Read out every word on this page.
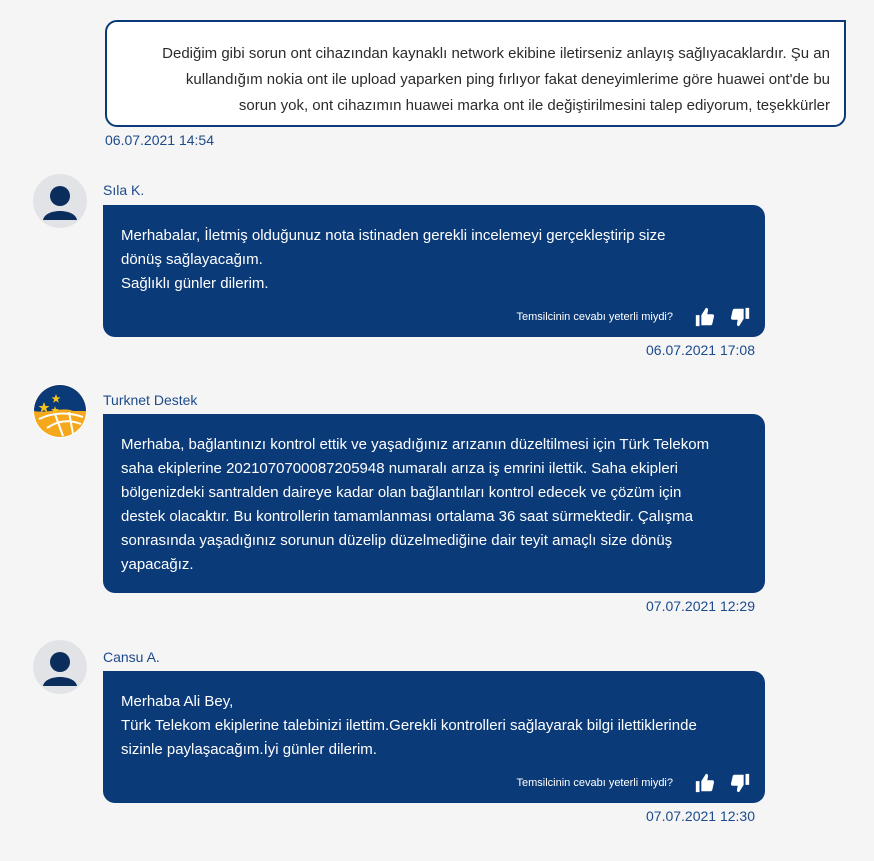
Dediğim gibi sorun ont cihazından kaynaklı network ekibine iletirseniz anlayış sağlıyacaklardır. Şu an

kullandığım nokia ont ile upload yaparken ping fırlıyor fakat deneyimlerime göre huawei ont'de bu

sorun yok, ont cihazımın huawei marka ont ile değiştirilmesini talep ediyorum, teşekkürler

06.07.2021 14:54
Sıla K.

Merhabalar, İletmiş olduğunuz nota istinaden gerekli incelemeyi gerçekleştirip size

dönüş sağlayacağım.

Sağlıklı günler dilerim.

Temsilcinin cevabı yeterli miydi?
06.07.2021 17:08
Turknet Destek

Merhaba, bağlantınızı kontrol ettik ve yaşadığınız arızanın düzeltilmesi için Türk Telekom

saha ekiplerine 2021070700087205948 numaralı arıza iş emrini ilettik. Saha ekipleri

bölgenizdeki santralden daireye kadar olan bağlantıları kontrol edecek ve çözüm için

destek olacaktır. Bu kontrollerin tamamlanması ortalama 36 saat sürmektedir. Çalışma

sonrasında yaşadığınız sorunun düzelip düzelmediğine dair teyit amaçlı size dönüş

yapacağız.

07.07.2021 12:29
Cansu A.

Merhaba Ali Bey,

Türk Telekom ekiplerine talebinizi ilettim.Gerekli kontrolleri sağlayarak bilgi ilettiklerinde

sizinle paylaşacağım.İyi günler dilerim.

Temsilcinin cevabı yeterli miydi?
07.07.2021 12:30
